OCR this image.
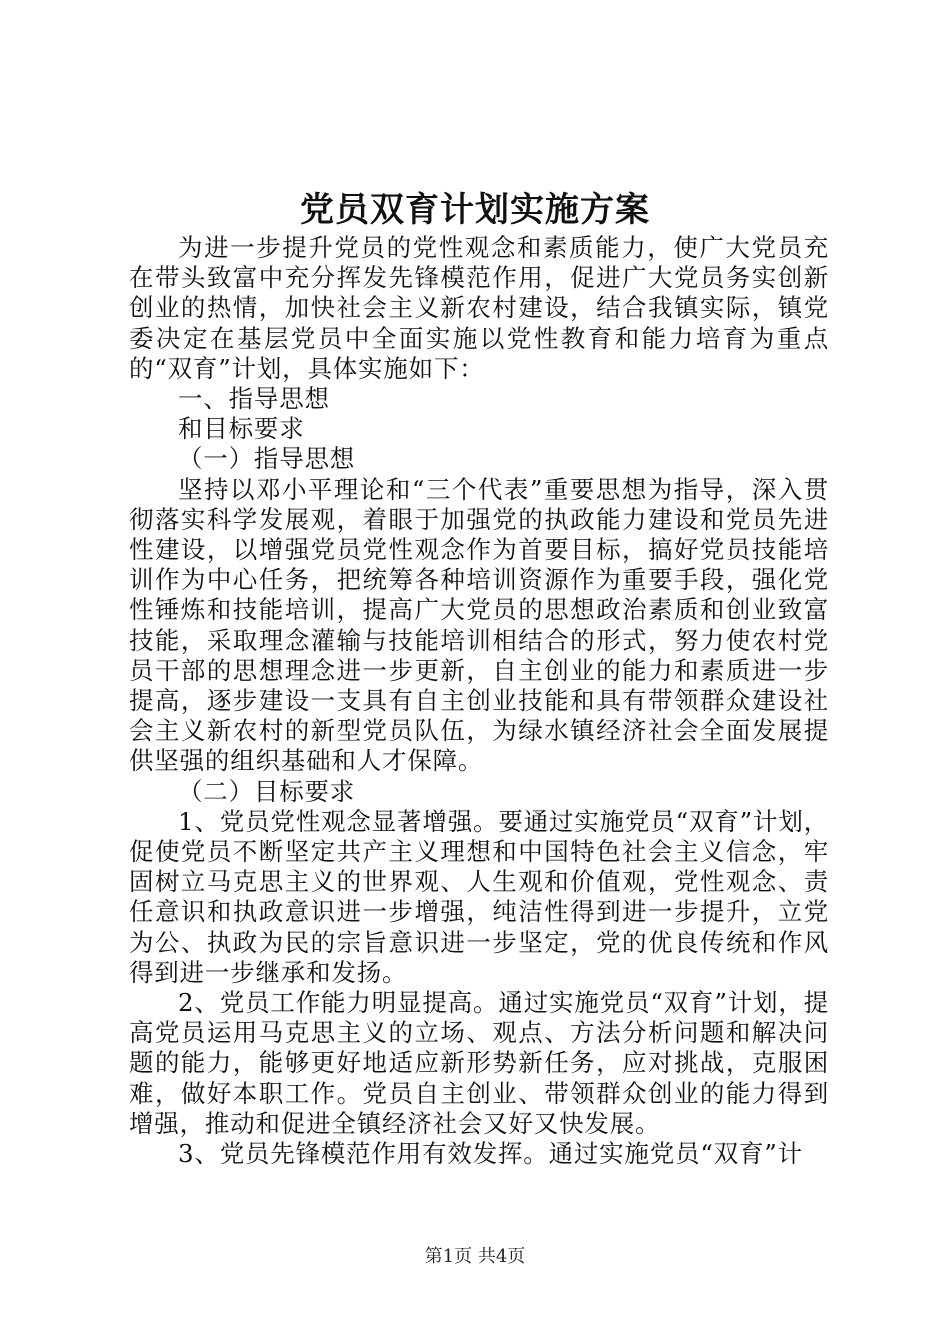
党员双育计划实施方案

为进一步提升党员的党性观念和素质能力，使广大党员充在带头致富中充分挥发先锋模范作用，促进广大党员务实创新创业的热情，加快社会主义新农村建设，结合我镇实际，镇党委决定在基层党员中全面实施以党性教育和能力培育为重点的“双育”计划，具体实施如下：

一、指导思想

和目标要求

（一）指导思想

坚持以邓小平理论和“三个代表”重要思想为指导，深入贯彻落实科学发展观，着眼于加强党的执政能力建设和党员先进性建设，以增强党员党性观念作为首要目标，搞好党员技能培训作为中心任务，把统筹各种培训资源作为重要手段，强化党性锤炼和技能培训，提高广大党员的思想政治素质和创业致富技能，采取理念灌输与技能培训相结合的形式，努力使农村党员干部的思想理念进一步更新，自主创业的能力和素质进一步提高，逐步建设一支具有自主创业技能和具有带领群众建设社会主义新农村的新型党员队伍，为绿水镇经济社会全面发展提供坚强的组织基础和人才保障。

（二）目标要求

1、党员党性观念显著增强。要通过实施党员“双育”计划，促使党员不断坚定共产主义理想和中国特色社会主义信念，牢固树立马克思主义的世界观、人生观和价值观，党性观念、责任意识和执政意识进一步增强，纯洁性得到进一步提升，立党为公、执政为民的宗旨意识进一步坚定，党的优良传统和作风得到进一步继承和发扬。

2、党员工作能力明显提高。通过实施党员“双育”计划，提高党员运用马克思主义的立场、观点、方法分析问题和解决问题的能力，能够更好地适应新形势新任务，应对挑战，克服困难，做好本职工作。党员自主创业、带领群众创业的能力得到增强，推动和促进全镇经济社会又好又快发展。

3、党员先锋模范作用有效发挥。通过实施党员“双育”计

第1页 共4页
